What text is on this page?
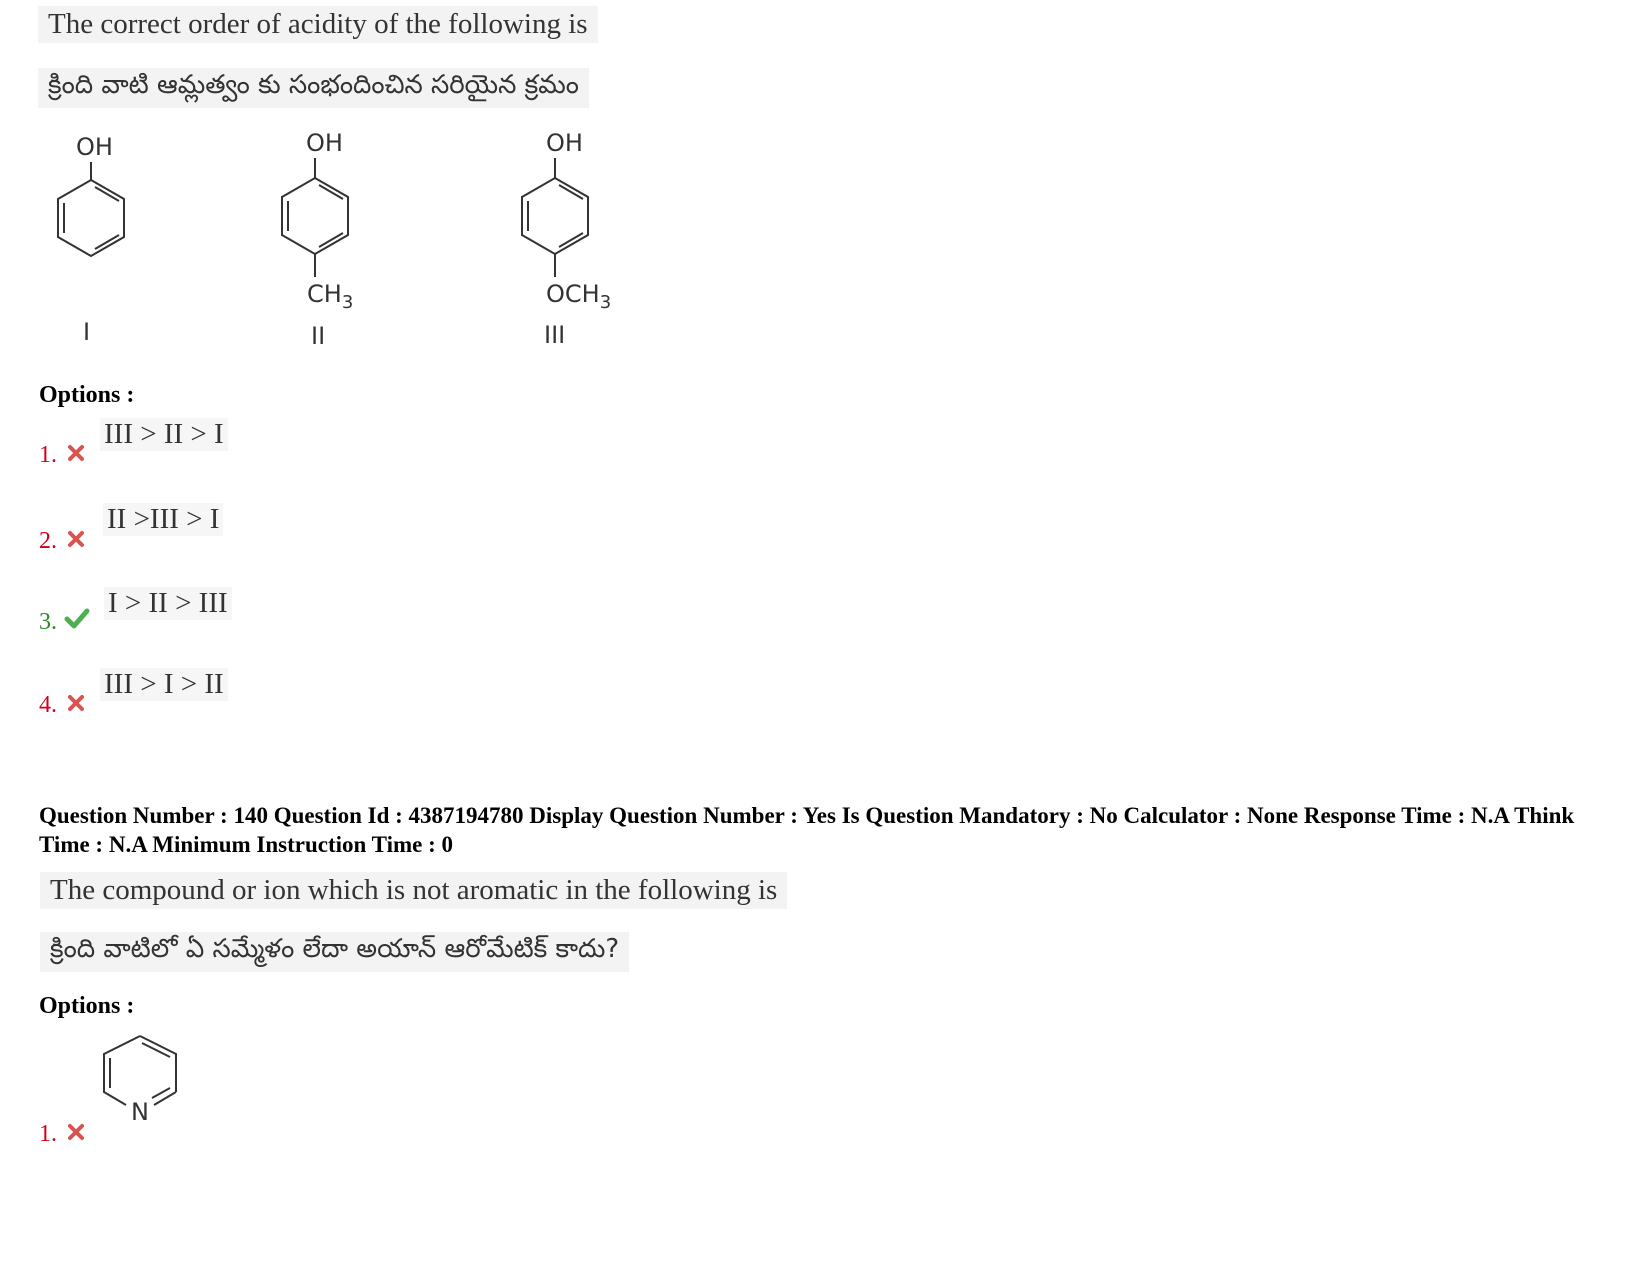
The correct order of acidity of the following is
క్రింది వాటి ఆమ్లత్వం కు సంభందించిన సరియైన క్రమం
OH
I
OH
$CH_3$
II
OH
$OCH_3$
III
Options :
1.
III > II > I
2.
II >III > I
3.
I > II > III
4.
III > I > II
Question Number : 140 Question Id : 4387194780 Display Question Number : Yes Is Question Mandatory : No Calculator : None Response Time : N.A Think Time : N.A Minimum Instruction Time : 0
The compound or ion which is not aromatic in the following is
క్రింది వాటిలో ఏ సమ్మేళం లేదా అయాన్ ఆరోమేటిక్ కాదు?
Options :
1.
N
